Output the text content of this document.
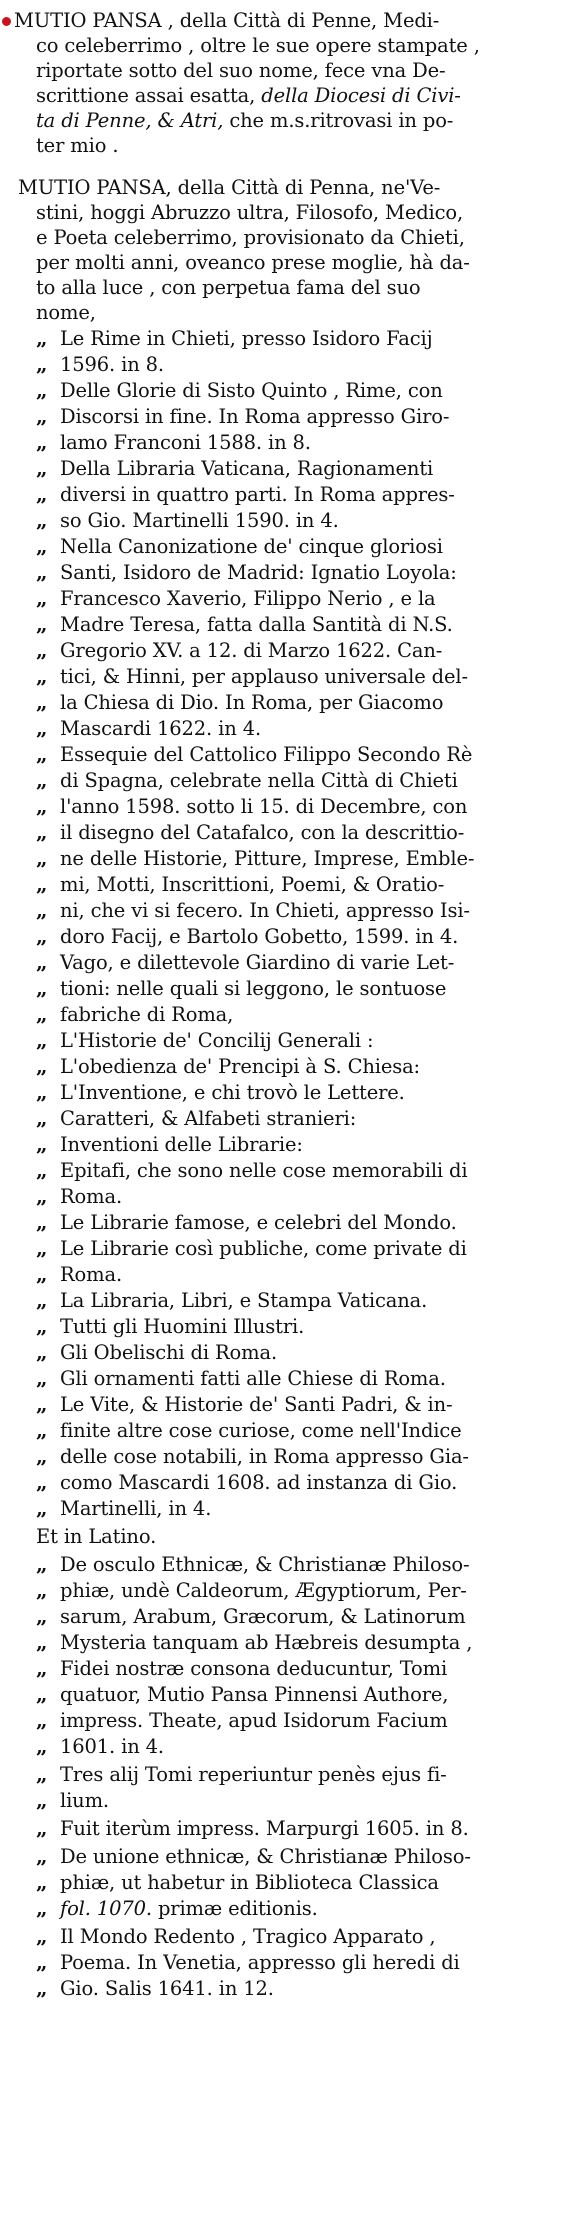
MUTIO PANSA , della Città di Penne, Medi-
co celeberrimo , oltre le sue opere stampate ,
riportate sotto del suo nome, fece vna De-
scrittione assai esatta, della Diocesi di Civi-
ta di Penne, & Atri, che m.s.ritrovasi in po-
ter mio .
MUTIO PANSA, della Città di Penna, ne'Ve-
stini, hoggi Abruzzo ultra, Filosofo, Medico,
e Poeta celeberrimo, provisionato da Chieti,
per molti anni, oveanco prese moglie, hà da-
to alla luce , con perpetua fama del suo
nome,
„ Le Rime in Chieti, presso Isidoro Facij
„ 1596. in 8.
„ Delle Glorie di Sisto Quinto , Rime, con
„ Discorsi in fine. In Roma appresso Giro-
„ lamo Franconi 1588. in 8.
„ Della Libraria Vaticana, Ragionamenti
„ diversi in quattro parti. In Roma appres-
„ so Gio. Martinelli 1590. in 4.
„ Nella Canonizatione de' cinque gloriosi
„ Santi, Isidoro de Madrid: Ignatio Loyola:
„ Francesco Xaverio, Filippo Nerio , e la
„ Madre Teresa, fatta dalla Santità di N.S.
„ Gregorio XV. a 12. di Marzo 1622. Can-
„ tici, & Hinni, per applauso universale del-
„ la Chiesa di Dio. In Roma, per Giacomo
„ Mascardi 1622. in 4.
„ Essequie del Cattolico Filippo Secondo Rè
„ di Spagna, celebrate nella Città di Chieti
„ l'anno 1598. sotto li 15. di Decembre, con
„ il disegno del Catafalco, con la descrittio-
„ ne delle Historie, Pitture, Imprese, Emble-
„ mi, Motti, Inscrittioni, Poemi, & Oratio-
„ ni, che vi si fecero. In Chieti, appresso Isi-
„ doro Facij, e Bartolo Gobetto, 1599. in 4.
„ Vago, e dilettevole Giardino di varie Let-
„ tioni: nelle quali si leggono, le sontuose
„ fabriche di Roma,
„ L'Historie de' Concilij Generali :
„ L'obedienza de' Prencipi à S. Chiesa:
„ L'Inventione, e chi trovò le Lettere.
„ Caratteri, & Alfabeti stranieri:
„ Inventioni delle Librarie:
„ Epitafi, che sono nelle cose memorabili di
„ Roma.
„ Le Librarie famose, e celebri del Mondo.
„ Le Librarie così publiche, come private di
„ Roma.
„ La Libraria, Libri, e Stampa Vaticana.
„ Tutti gli Huomini Illustri.
„ Gli Obelischi di Roma.
„ Gli ornamenti fatti alle Chiese di Roma.
„ Le Vite, & Historie de' Santi Padri, & in-
„ finite altre cose curiose, come nell'Indice
„ delle cose notabili, in Roma appresso Gia-
„ como Mascardi 1608. ad instanza di Gio.
„ Martinelli, in 4.
Et in Latino.
„ De osculo Ethnicæ, & Christianæ Philoso-
„ phiæ, undè Caldeorum, Ægyptiorum, Per-
„ sarum, Arabum, Græcorum, & Latinorum
„ Mysteria tanquam ab Hæbreis desumpta ,
„ Fidei nostræ consona deducuntur, Tomi
„ quatuor, Mutio Pansa Pinnensi Authore,
„ impress. Theate, apud Isidorum Facium
„ 1601. in 4.
„ Tres alij Tomi reperiuntur penès ejus fi-
„ lium.
„ Fuit iterùm impress. Marpurgi 1605. in 8.
„ De unione ethnicæ, & Christianæ Philoso-
„ phiæ, ut habetur in Biblioteca Classica
„ fol. 1070. primæ editionis.
„ Il Mondo Redento , Tragico Apparato ,
„ Poema. In Venetia, appresso gli heredi di
„ Gio. Salis 1641. in 12.
